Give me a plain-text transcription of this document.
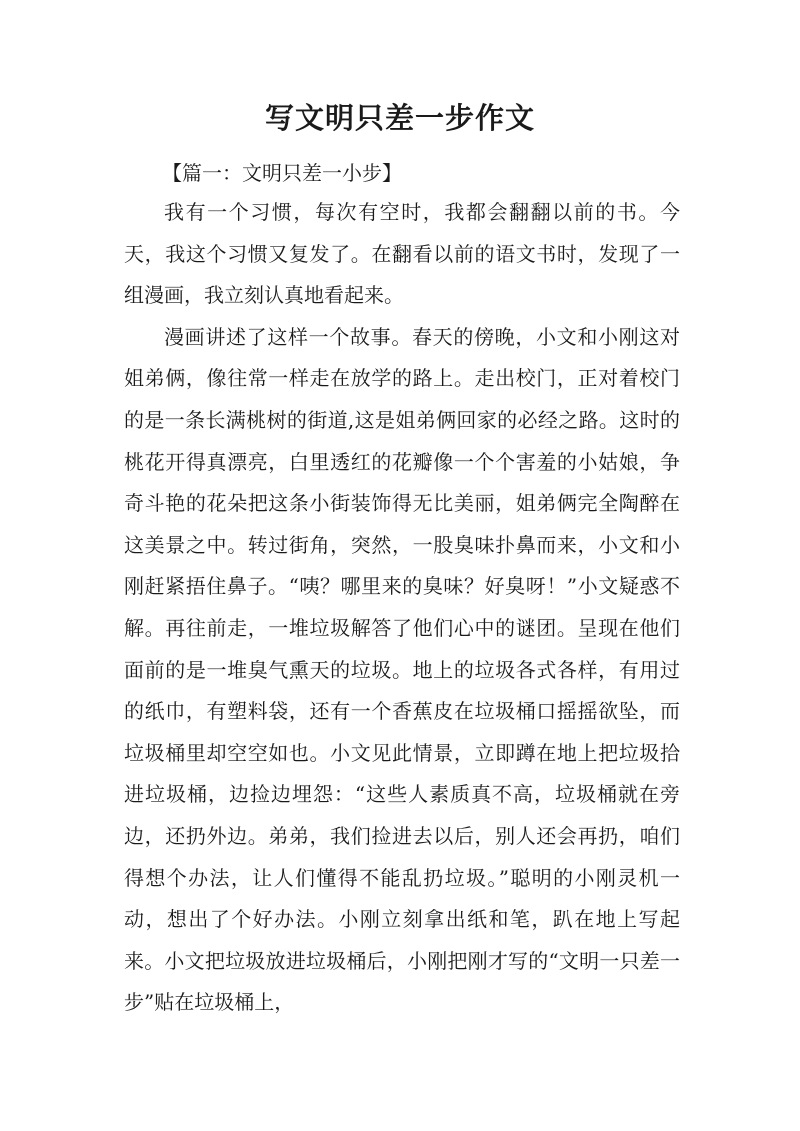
写文明只差一步作文

【篇一：文明只差一小步】

我有一个习惯，每次有空时，我都会翻翻以前的书。今天，我这个习惯又复发了。在翻看以前的语文书时，发现了一组漫画，我立刻认真地看起来。

漫画讲述了这样一个故事。春天的傍晚，小文和小刚这对姐弟俩，像往常一样走在放学的路上。走出校门，正对着校门的是一条长满桃树的街道,这是姐弟俩回家的必经之路。这时的桃花开得真漂亮，白里透红的花瓣像一个个害羞的小姑娘，争奇斗艳的花朵把这条小街装饰得无比美丽，姐弟俩完全陶醉在这美景之中。转过街角，突然，一股臭味扑鼻而来，小文和小刚赶紧捂住鼻子。“咦？哪里来的臭味？好臭呀！”小文疑惑不解。再往前走，一堆垃圾解答了他们心中的谜团。呈现在他们面前的是一堆臭气熏天的垃圾。地上的垃圾各式各样，有用过的纸巾，有塑料袋，还有一个香蕉皮在垃圾桶口摇摇欲坠，而垃圾桶里却空空如也。小文见此情景，立即蹲在地上把垃圾拾进垃圾桶，边捡边埋怨：“这些人素质真不高，垃圾桶就在旁边，还扔外边。弟弟，我们捡进去以后，别人还会再扔，咱们得想个办法，让人们懂得不能乱扔垃圾。”聪明的小刚灵机一动，想出了个好办法。小刚立刻拿出纸和笔，趴在地上写起来。小文把垃圾放进垃圾桶后，小刚把刚才写的“文明一只差一步”贴在垃圾桶上，
